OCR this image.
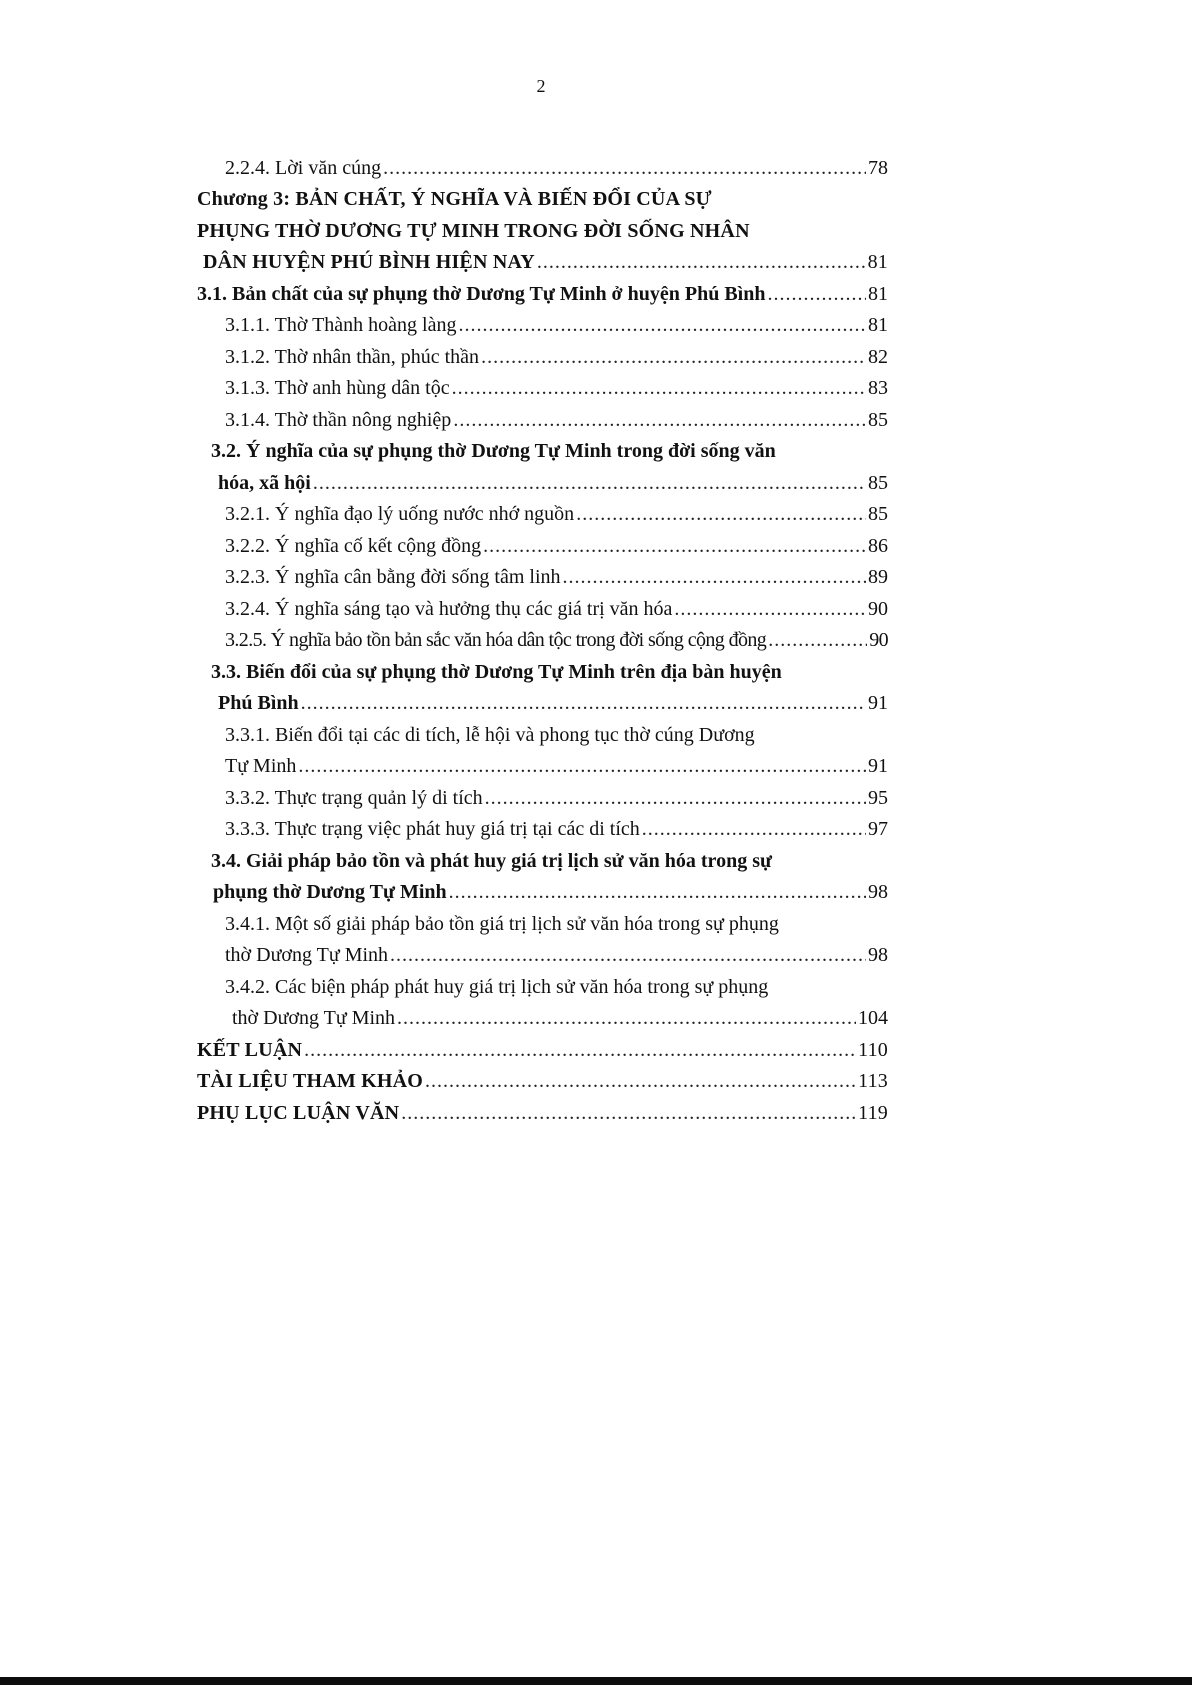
2
2.2.4. Lời văn cúng .....	78
Chương 3: BẢN CHẤT, Ý NGHĨA VÀ BIẾN ĐỔI CỦA SỰ
PHỤNG THỜ DƯƠNG TỰ MINH TRONG ĐỜI SỐNG NHÂN
DÂN HUYỆN PHÚ BÌNH HIỆN NAY .....	81
3.1. Bản chất của sự phụng thờ Dương Tự Minh ở huyện Phú Bình .....	81
3.1.1. Thờ Thành hoàng làng .....	81
3.1.2. Thờ nhân thần, phúc thần .....	82
3.1.3. Thờ anh hùng dân tộc .....	83
3.1.4. Thờ thần nông nghiệp .....	85
3.2. Ý nghĩa của sự phụng thờ Dương Tự Minh trong đời sống văn
hóa, xã hội .....	85
3.2.1. Ý nghĩa đạo lý uống nước nhớ nguồn .....	85
3.2.2. Ý nghĩa cố kết cộng đồng .....	86
3.2.3. Ý nghĩa cân bằng đời sống tâm linh .....	89
3.2.4. Ý nghĩa sáng tạo và hưởng thụ các giá trị văn hóa .....	90
3.2.5. Ý nghĩa bảo tồn bản sắc văn hóa dân tộc trong đời sống cộng đồng .....	90
3.3. Biến đổi của sự phụng thờ Dương Tự Minh trên địa bàn huyện
Phú Bình .....	91
3.3.1. Biến đổi tại các di tích, lễ hội và phong tục thờ cúng Dương
Tự Minh .....	91
3.3.2. Thực trạng quản lý di tích .....	95
3.3.3. Thực trạng việc phát huy giá trị tại các di tích .....	97
3.4. Giải pháp bảo tồn và phát huy giá trị lịch sử văn hóa trong sự
phụng thờ Dương Tự Minh .....	98
3.4.1. Một số giải pháp bảo tồn giá trị lịch sử văn hóa trong sự phụng
thờ Dương Tự Minh .....	98
3.4.2. Các biện pháp phát huy giá trị lịch sử văn hóa trong sự phụng
thờ Dương Tự Minh .....	104
KẾT LUẬN .....	110
TÀI LIỆU THAM KHẢO .....	113
PHỤ LỤC LUẬN VĂN .....	119
